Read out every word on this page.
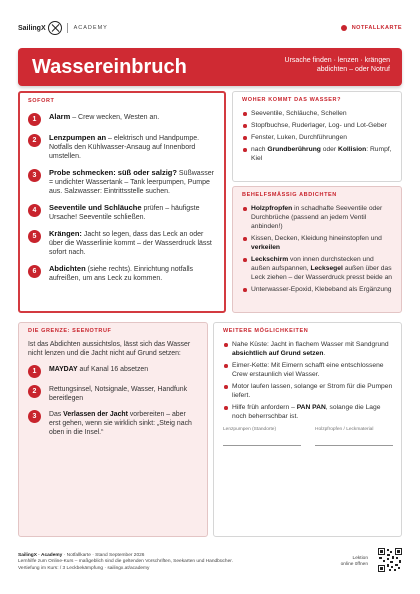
SailingX	ACADEMY	NOTFALLKARTE
Wassereinbruch	Ursache finden · lenzen · krängen abdichten – oder Notruf
SOFORT
1	Alarm – Crew wecken, Westen an.
2	Lenzpumpen an – elektrisch und Handpumpe. Notfalls den Kühlwasser-Ansaug auf Innenbord umstellen.
3	Probe schmecken: süß oder salzig? Süßwasser = undichter Wassertank – Tank leerpumpen, Pumpe aus. Salzwasser: Eintrittsstelle suchen.
4	Seeventile und Schläuche prüfen – häufigste Ursache! Seeventile schließen.
5	Krängen: Jacht so legen, dass das Leck an oder über die Wasserlinie kommt – der Wasserdruck lässt sofort nach.
6	Abdichten (siehe rechts). Einrichtung notfalls aufreißen, um ans Leck zu kommen.
WOHER KOMMT DAS WASSER?
Seeventile, Schläuche, Schellen
Stopfbuchse, Ruderlager, Log- und Lot-Geber
Fenster, Luken, Durchführungen
nach Grundberührung oder Kollision: Rumpf, Kiel
BEHELFSMÄSSIG ABDICHTEN
Holzpfropfen in schadhafte Seeventile oder Durchbrüche (passend an jedem Ventil anbinden!)
Kissen, Decken, Kleidung hineinstopfen und verkeilen
Leckschirm von innen durchstecken und außen aufspannen, Lecksegel außen über das Leck ziehen – der Wasserdruck presst beide an
Unterwasser-Epoxid, Klebeband als Ergänzung
DIE GRENZE: SEENOTRUF
Ist das Abdichten aussichtslos, lässt sich das Wasser nicht lenzen und die Jacht nicht auf Grund setzen:
1	MAYDAY auf Kanal 16 absetzen
2	Rettungsinsel, Notsignale, Wasser, Handfunk bereitlegen
3	Das Verlassen der Jacht vorbereiten – aber erst gehen, wenn sie wirklich sinkt: „Steig nach oben in die Insel.“
WEITERE MÖGLICHKEITEN
Nahe Küste: Jacht in flachem Wasser mit Sandgrund absichtlich auf Grund setzen.
Eimer-Kette: Mit Eimern schafft eine entschlossene Crew erstaunlich viel Wasser.
Motor laufen lassen, solange er Strom für die Pumpen liefert.
Hilfe früh anfordern – PAN PAN, solange die Lage noch beherrschbar ist.
Lenzpumpen (Standorte)	Holzpfropfen / Leckmaterial
SailingX · Academy · Notfallkarte · Stand September 2026
Lernhilfe zum Online-Kurs – maßgeblich sind die geltenden Vorschriften, Seekarten und Handbücher.
Vertiefung im Kurs: / 3 Leckbekämpfung · sailingx.at/academy
Lektion
online öffnen
